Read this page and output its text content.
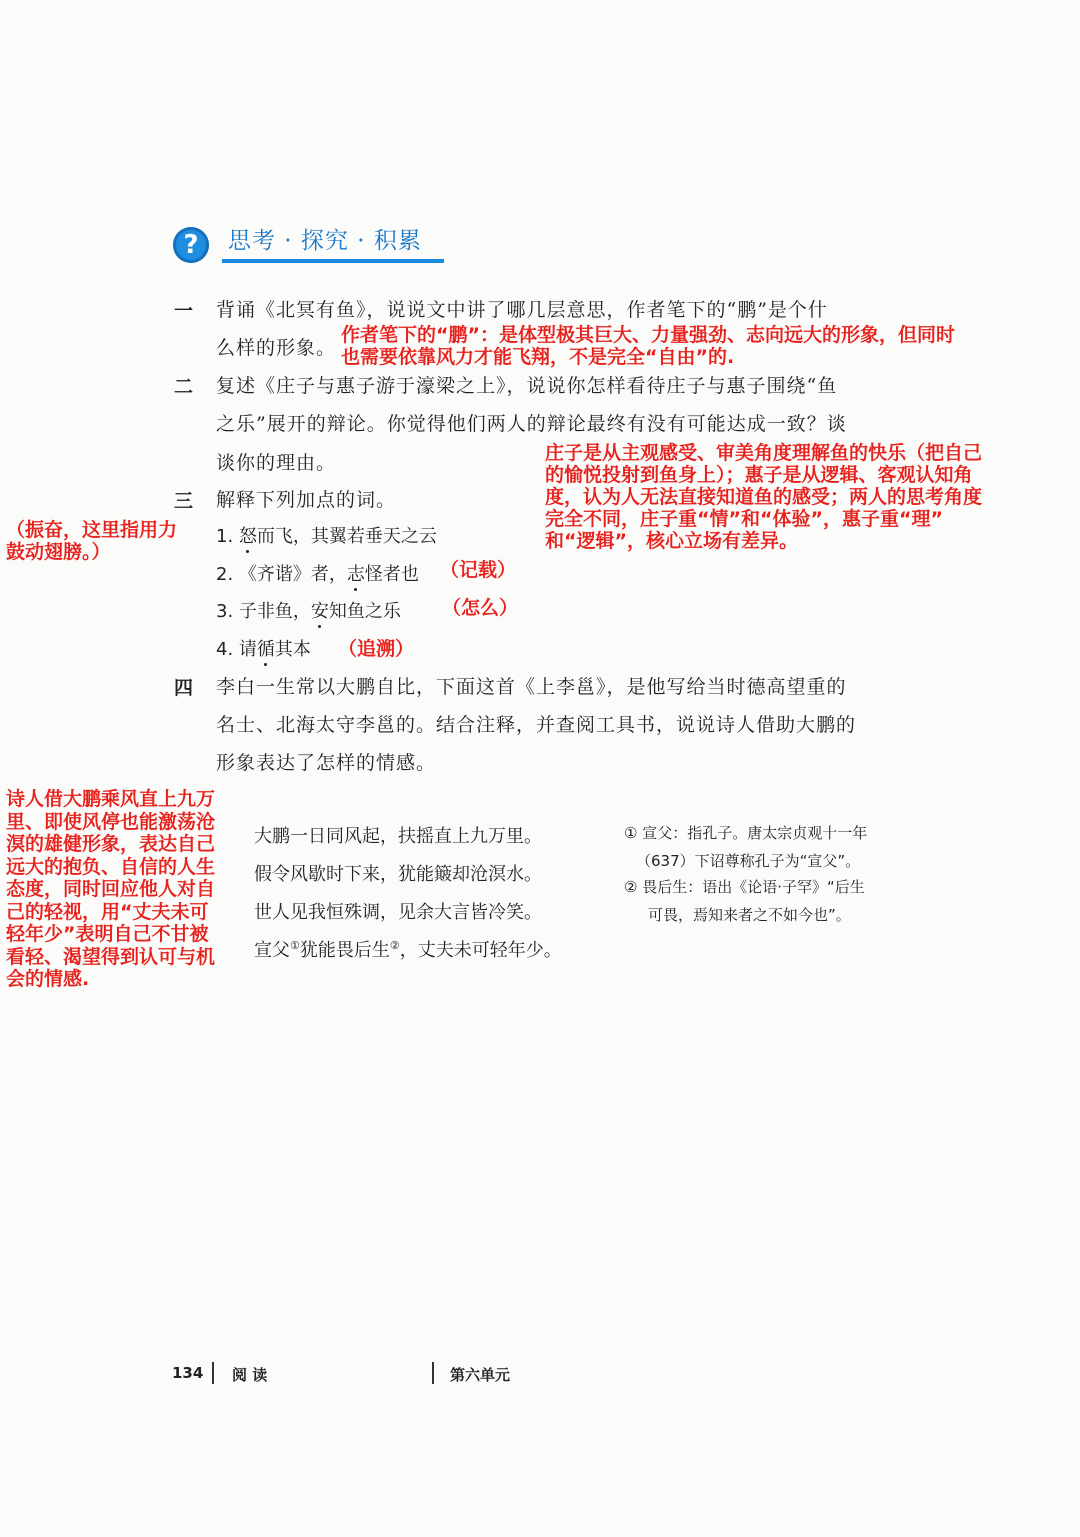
?	思考 · 探究 · 积累
一 背诵《北冥有鱼》，说说文中讲了哪几层意思，作者笔下的“鹏”是个什
么样的形象。
作者笔下的“鹏”：是体型极其巨大、力量强劲、志向远大的形象，但同时
也需要依靠风力才能飞翔，不是完全“自由”的.
二 复述《庄子与惠子游于濠梁之上》，说说你怎样看待庄子与惠子围绕“鱼
之乐”展开的辩论。你觉得他们两人的辩论最终有没有可能达成一致？谈
谈你的理由。	庄子是从主观感受、审美角度理解鱼的快乐（把自己
的愉悦投射到鱼身上）；惠子是从逻辑、客观认知角
度，认为人无法直接知道鱼的感受；两人的思考角度
完全不同，庄子重“情”和“体验”，惠子重“理”
和“逻辑”，核心立场有差异。
三 解释下列加点的词。
1. 怒而飞，其翼若垂天之云
2. 《齐谐》者，志怪者也
3. 子非鱼，安知鱼之乐
4. 请循其本
（振奋，这里指用力
鼓动翅膀。）
（记载）
（怎么）
（追溯）
四 李白一生常以大鹏自比，下面这首《上李邕》，是他写给当时德高望重的
名士、北海太守李邕的。结合注释，并查阅工具书，说说诗人借助大鹏的
形象表达了怎样的情感。
大鹏一日同风起，扶摇直上九万里。
假令风歇时下来，犹能簸却沧溟水。
世人见我恒殊调，见余大言皆冷笑。
宣父①犹能畏后生②，丈夫未可轻年少。
① 宣父：指孔子。唐太宗贞观十一年
（637）下诏尊称孔子为“宣父”。
② 畏后生：语出《论语·子罕》“后生
可畏，焉知来者之不如今也”。
诗人借大鹏乘风直上九万
里、即使风停也能激荡沧
溟的雄健形象，表达自己
远大的抱负、自信的人生
态度，同时回应他人对自
己的轻视，用“丈夫未可
轻年少”表明自己不甘被
看轻、渴望得到认可与机
会的情感.
134 阅 读	第六单元
